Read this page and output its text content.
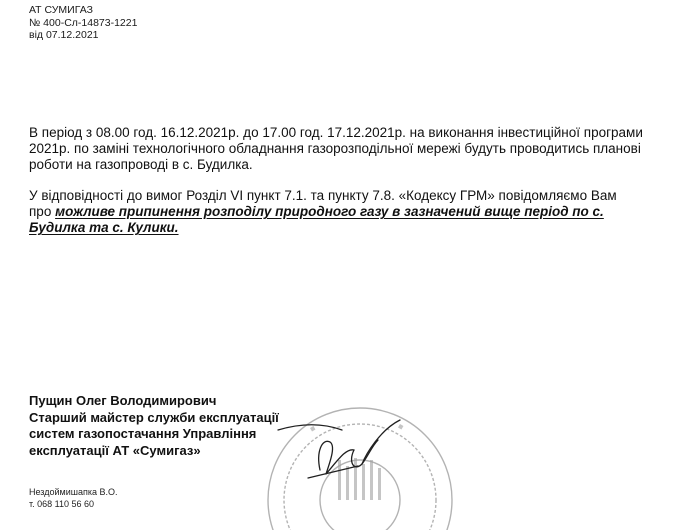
АТ СУМИГАЗ
№ 400-Сл-14873-1221
від 07.12.2021
В період з 08.00 год. 16.12.2021р. до 17.00 год. 17.12.2021р. на виконання інвестиційної програми
2021р. по заміні технологічного обладнання газорозподільної мережі будуть проводитись планові
роботи на газопроводі в с. Будилка.
У відповідності до вимог Розділ VI пункт 7.1. та пункту 7.8. «Кодексу ГРМ» повідомляємо Вам
про можливе припинення розподілу природного газу в зазначений вище період по с.
Будилка та с. Кулики.
Пущин Олег Володимирович
Старший майстер служби експлуатації
систем газопостачання Управління
експлуатації АТ «Сумигаз»
Нездоймишапка В.О.
т. 068 110 56 60
